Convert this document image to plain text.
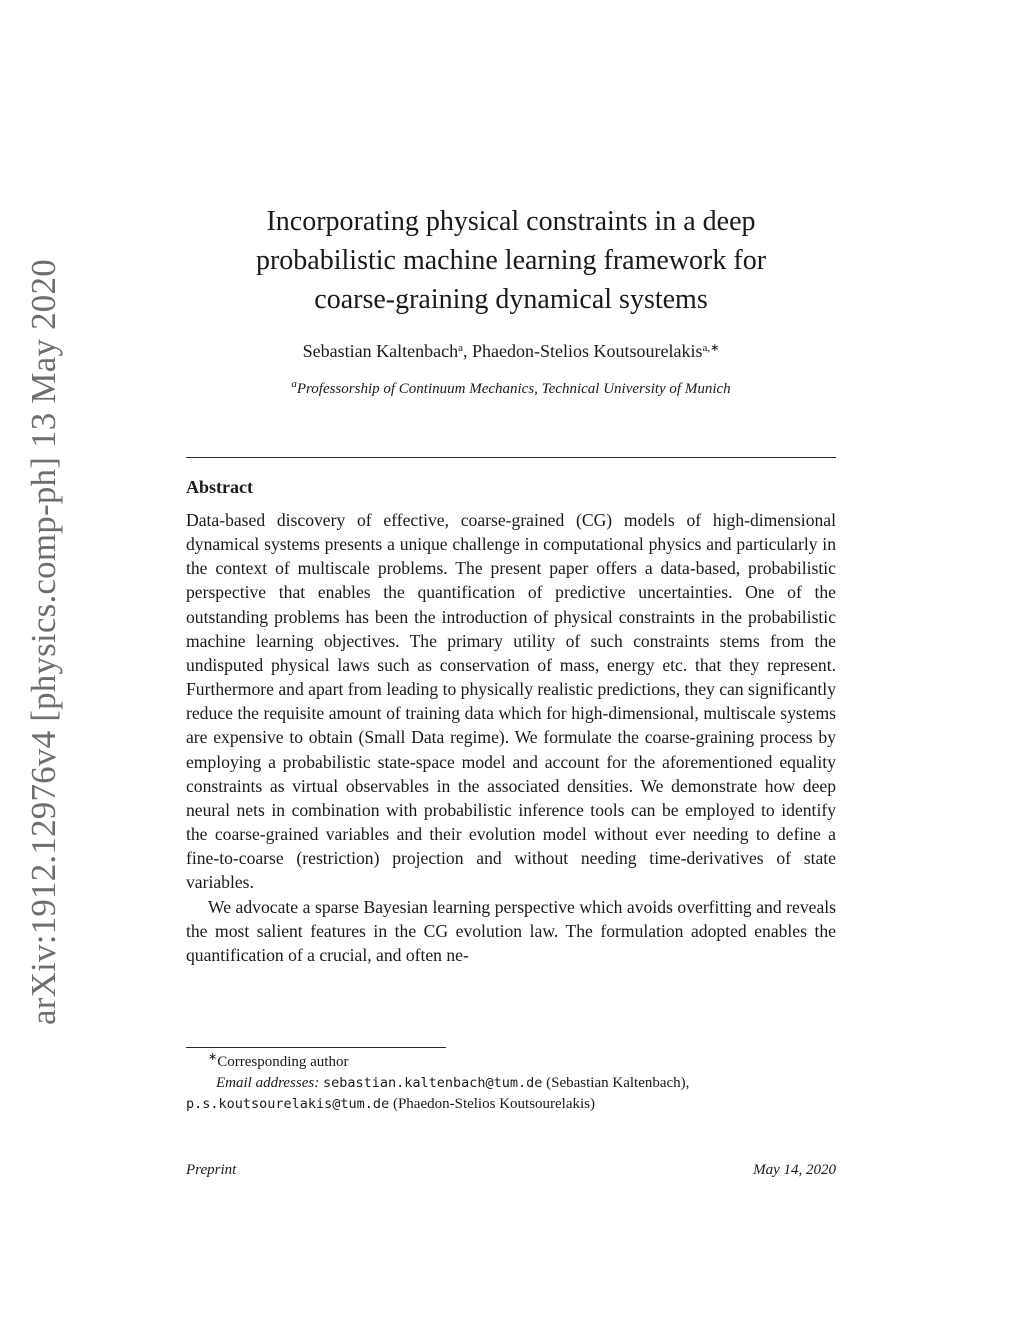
arXiv:1912.12976v4 [physics.comp-ph] 13 May 2020
Incorporating physical constraints in a deep
probabilistic machine learning framework for
coarse-graining dynamical systems
Sebastian Kaltenbach$^a$, Phaedon-Stelios Koutsourelakis$^{a,∗}$
$^a$Professorship of Continuum Mechanics, Technical University of Munich
Abstract

Data-based discovery of effective, coarse-grained (CG) models of high-dimensional dynamical systems presents a unique challenge in computational physics and particularly in the context of multiscale problems. The present paper offers a data-based, probabilistic perspective that enables the quantification of predictive uncertainties. One of the outstanding problems has been the introduction of physical constraints in the probabilistic machine learning objectives. The primary utility of such constraints stems from the undisputed physical laws such as conservation of mass, energy etc. that they represent. Furthermore and apart from leading to physically realistic predictions, they can significantly reduce the requisite amount of training data which for high-dimensional, multiscale systems are expensive to obtain (Small Data regime). We formulate the coarse-graining process by employing a probabilistic state-space model and account for the aforementioned equality constraints as virtual observables in the associated densities. We demonstrate how deep neural nets in combination with probabilistic inference tools can be employed to identify the coarse-grained variables and their evolution model without ever needing to define a fine-to-coarse (restriction) projection and without needing time-derivatives of state variables.

We advocate a sparse Bayesian learning perspective which avoids overfitting and reveals the most salient features in the CG evolution law. The formulation adopted enables the quantification of a crucial, and often ne-

∗Corresponding author
Email addresses: sebastian.kaltenbach@tum.de (Sebastian Kaltenbach),
p.s.koutsourelakis@tum.de (Phaedon-Stelios Koutsourelakis)
Preprint	May 14, 2020
